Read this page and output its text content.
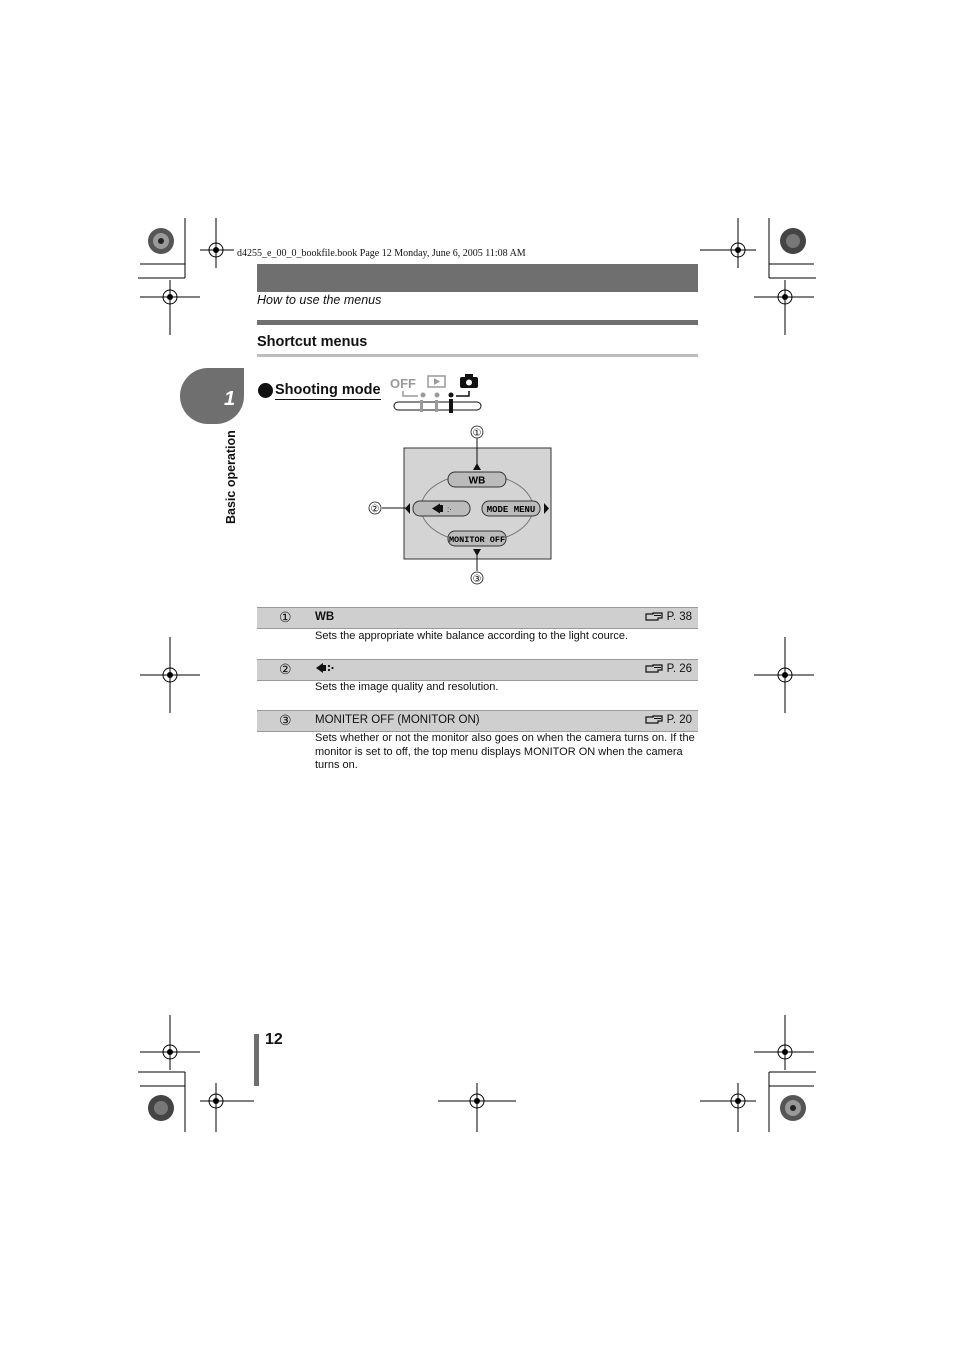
d4255_e_00_0_bookfile.book Page 12 Monday, June 6, 2005 11:08 AM
How to use the menus
Shortcut menus
1
Basic operation
Shooting mode OFF
WB
:·	MODE MENU
MONITOR OFF
①
②
③
① WB	P. 38
Sets the appropriate white balance according to the light cource.
②	P. 26
Sets the image quality and resolution.
③ MONITER OFF (MONITOR ON)	P. 20
Sets whether or not the monitor also goes on when the camera turns on. If the monitor is set to off, the top menu displays MONITOR ON when the camera turns on.
12
